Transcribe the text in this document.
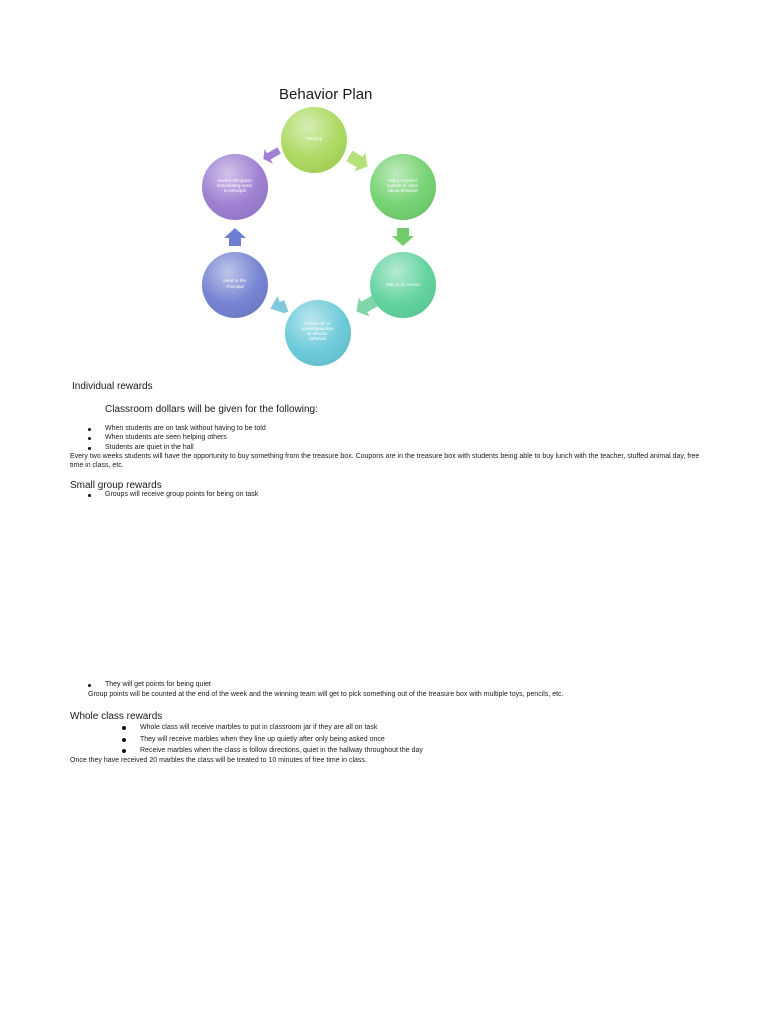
Behavior Plan
Warning
Talk to student outside of class about behavior
Stay in for recess
Phone call to parent/guardian to discuss behavior
Send to the Principal
Severe disruption immediately send to principal
Individual rewards
Classroom dollars will be given for the following:
When students are on task without having to be told
When students are seen helping others
Students are quiet in the hall
Every two weeks students will have the opportunity to buy something from the treasure box. Coupons are in the treasure box with students being able to buy lunch with the teacher, stuffed animal day, free time in class, etc.
Small group rewards
Groups will receive group points for being on task
They will get points for being quiet
Group points will be counted at the end of the week and the winning team will get to pick something out of the treasure box with multiple toys, pencils, etc.
Whole class rewards
Whole class will receive marbles to put in classroom jar if they are all on task
They will receive marbles when they line up quietly after only being asked once
Receive marbles when the class is follow directions, quiet in the hallway throughout the day
Once they have received 20 marbles the class will be treated to 10 minutes of free time in class.
